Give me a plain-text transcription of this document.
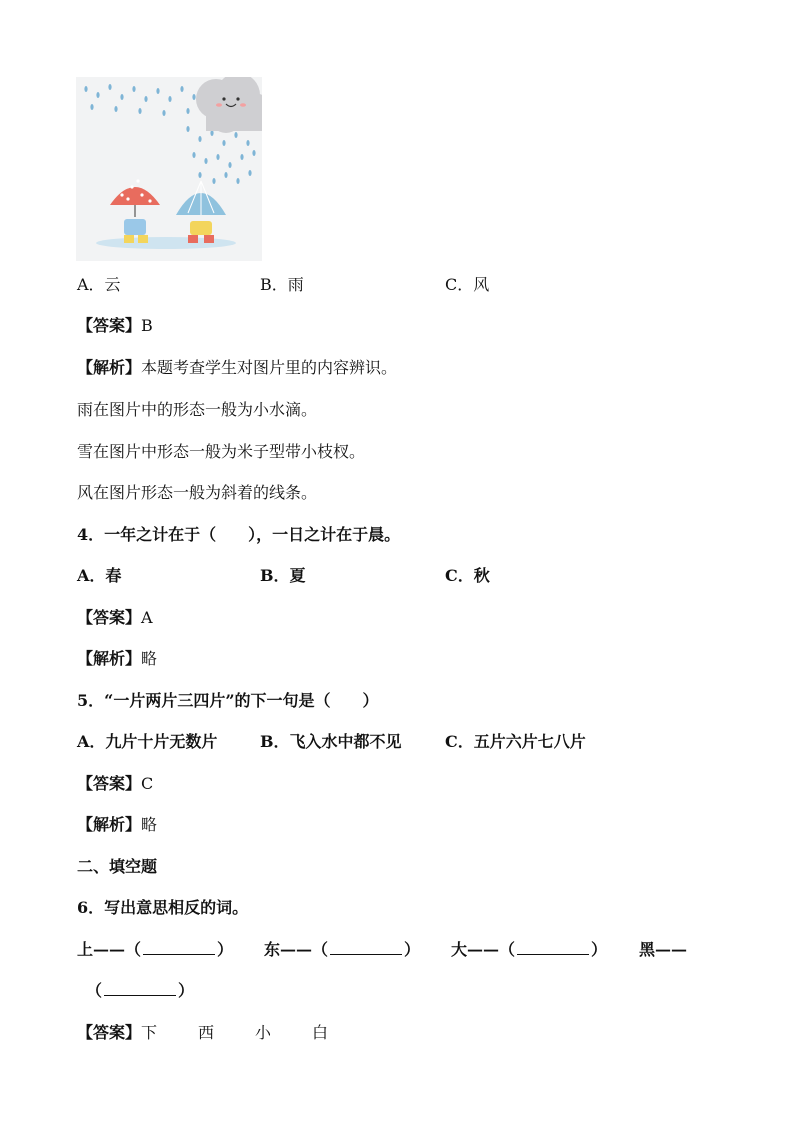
A．云	B．雨	C．风
【答案】B
【解析】本题考查学生对图片里的内容辨识。
雨在图片中的形态一般为小水滴。
雪在图片中形态一般为米子型带小枝杈。
风在图片形态一般为斜着的线条。
4．一年之计在于（　　），一日之计在于晨。
A．春	B．夏	C．秋
【答案】A
【解析】略
5．“一片两片三四片”的下一句是（　　）
A．九片十片无数片	B．飞入水中都不见	C．五片六片七八片
【答案】C
【解析】略
二、填空题
6．写出意思相反的词。
上——（	） 东——（	） 大——（	） 黑——
（	）
【答案】下	西	小	白
